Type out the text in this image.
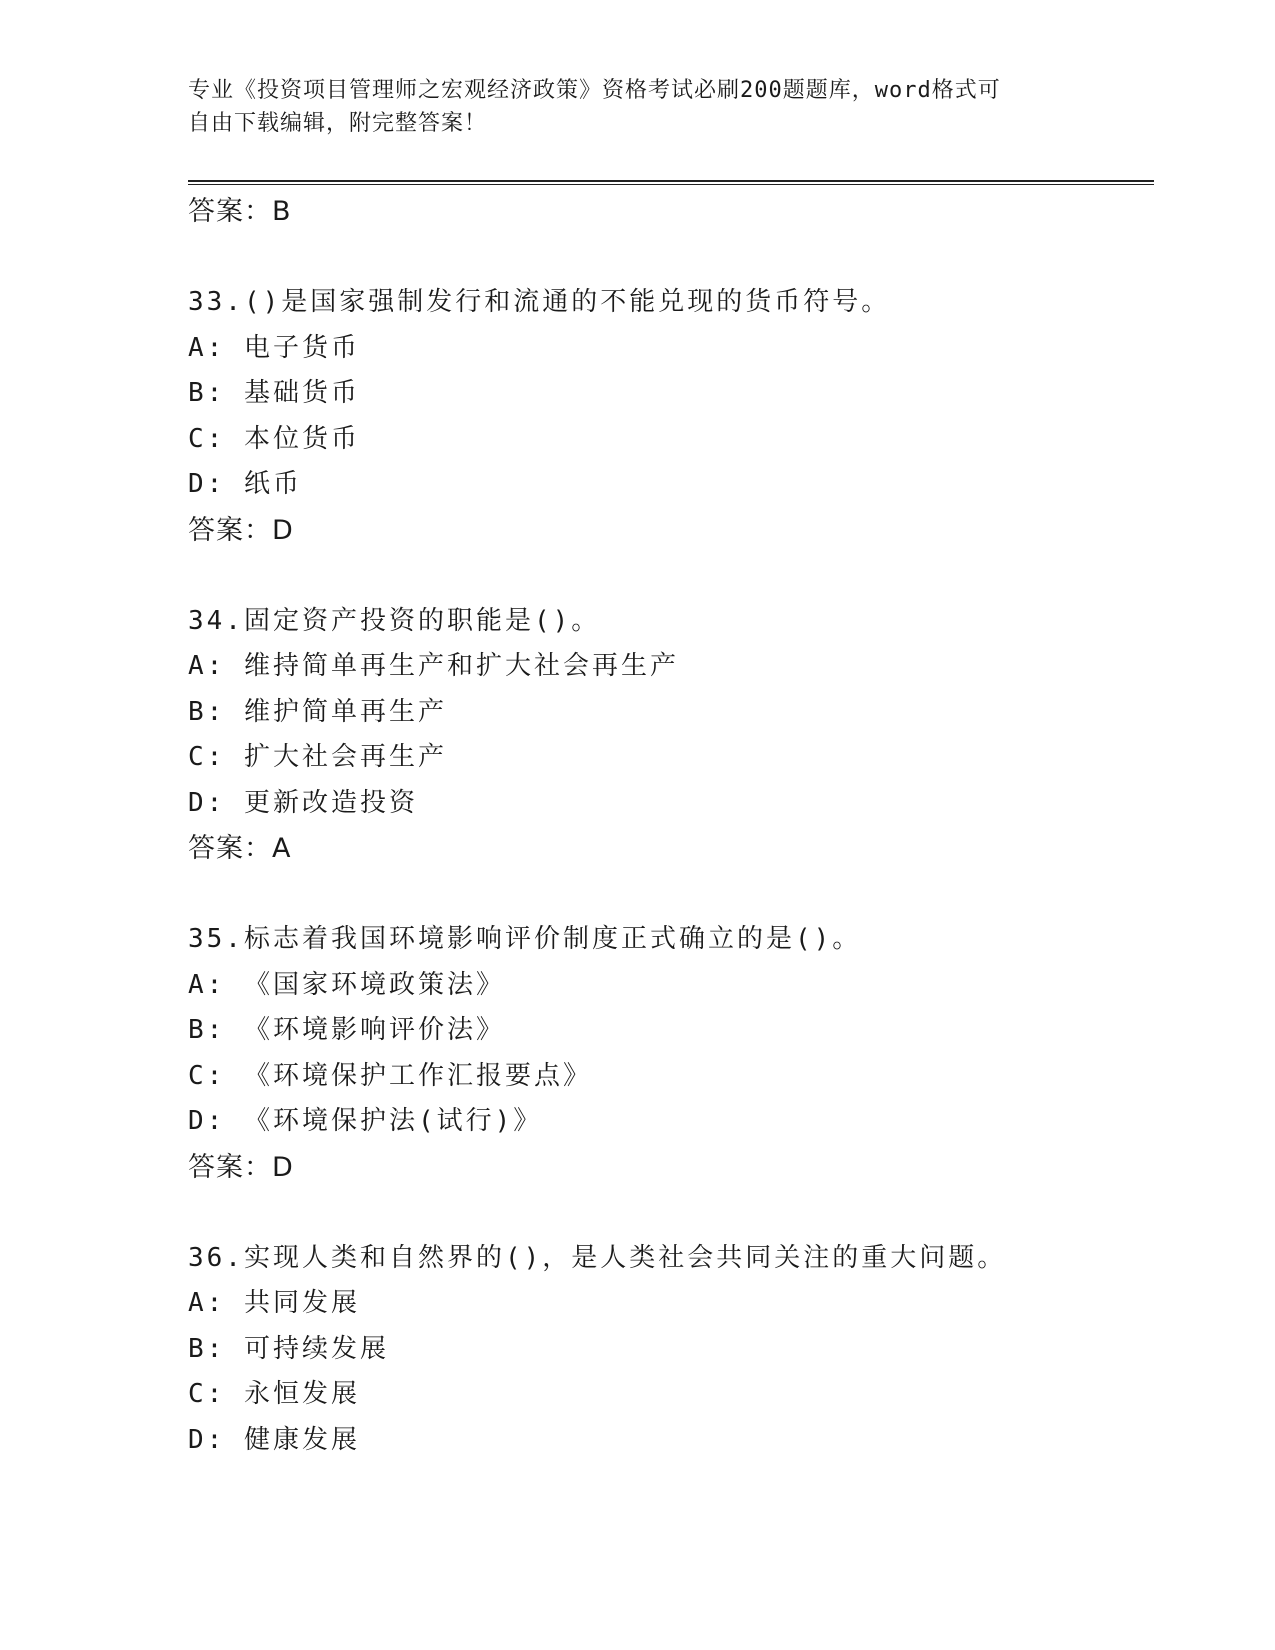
专业《投资项目管理师之宏观经济政策》资格考试必刷200题题库，word格式可
自由下载编辑，附完整答案！
答案：B
33.()是国家强制发行和流通的不能兑现的货币符号。
A: 电子货币
B: 基础货币
C: 本位货币
D: 纸币
答案：D
34.固定资产投资的职能是()。
A: 维持简单再生产和扩大社会再生产
B: 维护简单再生产
C: 扩大社会再生产
D: 更新改造投资
答案：A
35.标志着我国环境影响评价制度正式确立的是()。
A: 《国家环境政策法》
B: 《环境影响评价法》
C: 《环境保护工作汇报要点》
D: 《环境保护法(试行)》
答案：D
36.实现人类和自然界的()，是人类社会共同关注的重大问题。
A: 共同发展
B: 可持续发展
C: 永恒发展
D: 健康发展
